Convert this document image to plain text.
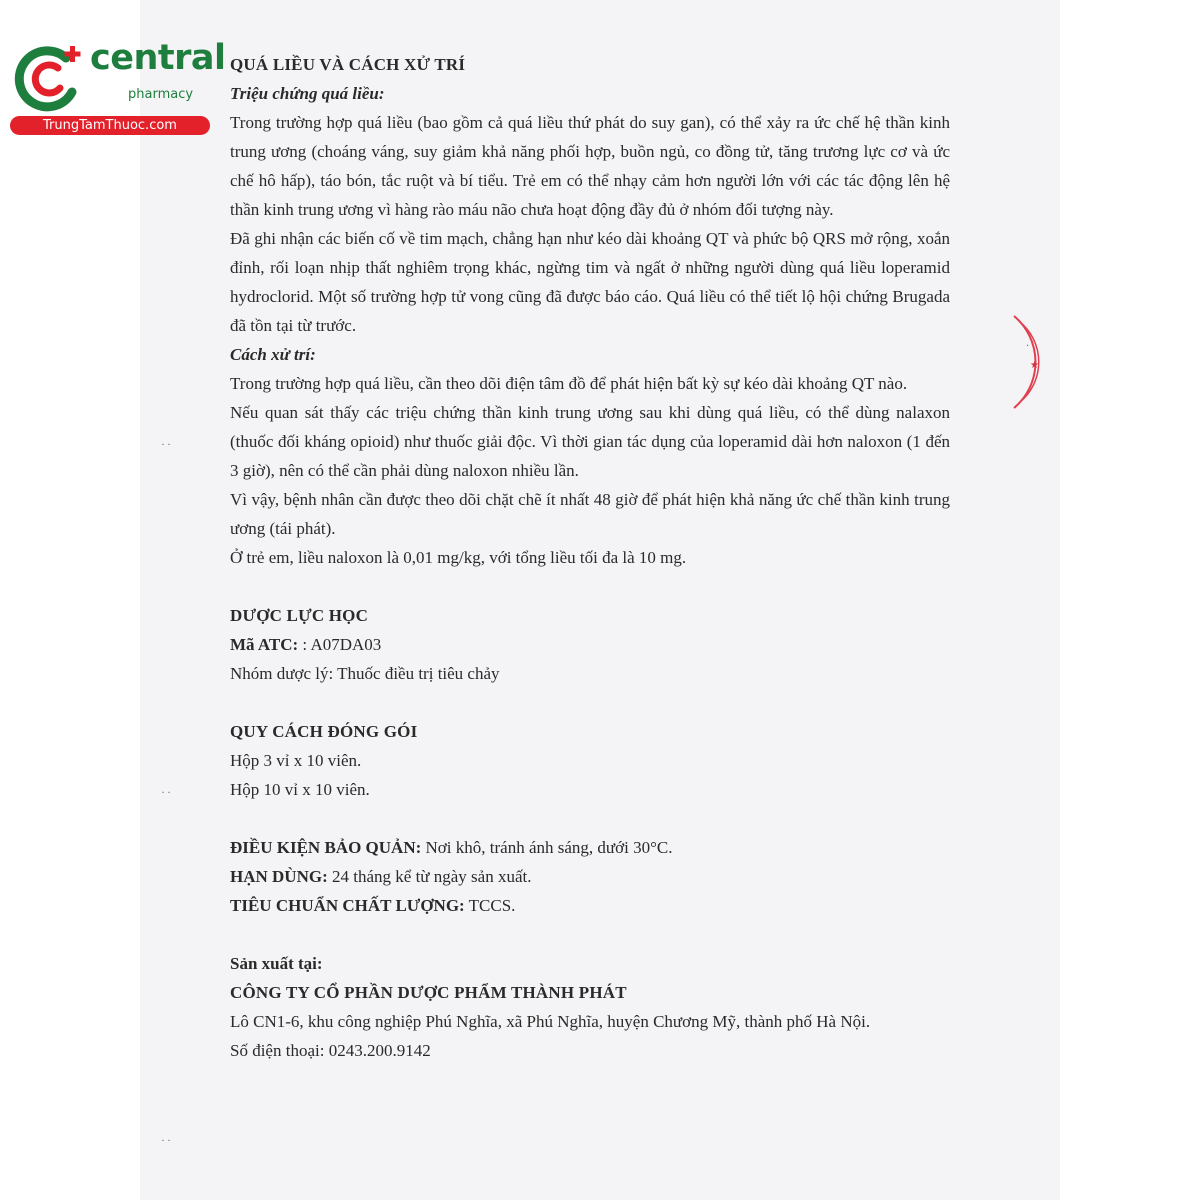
central
pharmacy
TrungTamThuoc.com
.
★
˙˙
˙˙
˙˙

QUÁ LIỀU VÀ CÁCH XỬ TRÍ

Triệu chứng quá liều:

Trong trường hợp quá liều (bao gồm cả quá liều thứ phát do suy gan), có thể xảy ra ức chế hệ thần kinh trung ương (choáng váng, suy giảm khả năng phối hợp, buồn ngủ, co đồng tử, tăng trương lực cơ và ức chế hô hấp), táo bón, tắc ruột và bí tiểu. Trẻ em có thể nhạy cảm hơn người lớn với các tác động lên hệ thần kinh trung ương vì hàng rào máu não chưa hoạt động đầy đủ ở nhóm đối tượng này.

Đã ghi nhận các biến cố về tim mạch, chẳng hạn như kéo dài khoảng QT và phức bộ QRS mở rộng, xoắn đỉnh, rối loạn nhịp thất nghiêm trọng khác, ngừng tim và ngất ở những người dùng quá liều loperamid hydroclorid. Một số trường hợp tử vong cũng đã được báo cáo. Quá liều có thể tiết lộ hội chứng Brugada đã tồn tại từ trước.

Cách xử trí:

Trong trường hợp quá liều, cần theo dõi điện tâm đồ để phát hiện bất kỳ sự kéo dài khoảng QT nào.

Nếu quan sát thấy các triệu chứng thần kinh trung ương sau khi dùng quá liều, có thể dùng nalaxon (thuốc đối kháng opioid) như thuốc giải độc. Vì thời gian tác dụng của loperamid dài hơn naloxon (1 đến 3 giờ), nên có thể cần phải dùng naloxon nhiều lần.

Vì vậy, bệnh nhân cần được theo dõi chặt chẽ ít nhất 48 giờ để phát hiện khả năng ức chế thần kinh trung ương (tái phát).

Ở trẻ em, liều naloxon là 0,01 mg/kg, với tổng liều tối đa là 10 mg.

DƯỢC LỰC HỌC

Mã ATC: : A07DA03

Nhóm dược lý: Thuốc điều trị tiêu chảy

QUY CÁCH ĐÓNG GÓI

Hộp 3 vỉ x 10 viên.

Hộp 10 vỉ x 10 viên.

ĐIỀU KIỆN BẢO QUẢN: Nơi khô, tránh ánh sáng, dưới 30°C.

HẠN DÙNG: 24 tháng kể từ ngày sản xuất.

TIÊU CHUẨN CHẤT LƯỢNG: TCCS.

Sản xuất tại:

CÔNG TY CỔ PHẦN DƯỢC PHẨM THÀNH PHÁT

Lô CN1-6, khu công nghiệp Phú Nghĩa, xã Phú Nghĩa, huyện Chương Mỹ, thành phố Hà Nội.

Số điện thoại: 0243.200.9142
